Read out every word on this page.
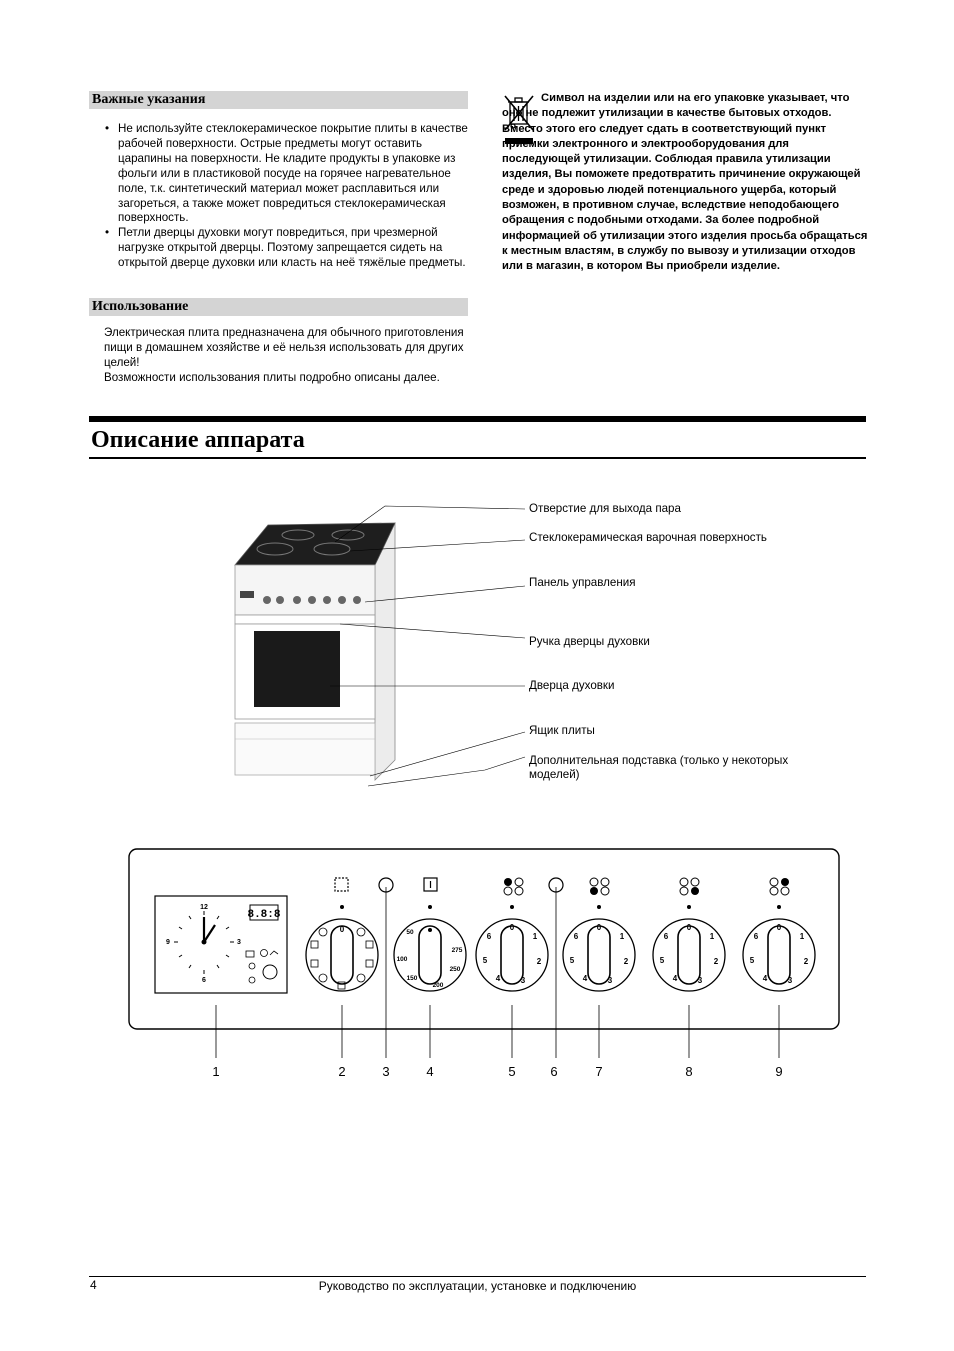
Важные указания
• Не используйте стеклокерамическое покрытие плиты в качестве рабочей поверхности. Острые предметы могут оставить царапины на поверхности. Не кладите продукты в упаковке из фольги или в пластиковой посуде на горячее нагревательное поле, т.к. синтетический материал может расплавиться или загореться, а также может повредиться стеклокерамическая поверхность.
• Петли дверцы духовки могут повредиться, при чрезмерной нагрузке открытой дверцы. Поэтому запрещается сидеть на открытой дверце духовки или класть на неё тяжёлые предметы.
Использование
Электрическая плита предназначена для обычного приготовления пищи в домашнем хозяйстве и её нельзя использовать для других целей!
Возможности использования плиты подробно описаны далее.
Символ на изделии или на его упаковке указывает, что оно не подлежит утилизации в качестве бытовых отходов. Вместо этого его следует сдать в соответствующий пункт приемки электронного и электрооборудования для последующей утилизации. Соблюдая правила утилизации изделия, Вы поможете предотвратить причинение окружающей среде и здоровью людей потенциального ущерба, который возможен, в противном случае, вследствие неподобающего обращения с подобными отходами. За более подробной информацией об утилизации этого изделия просьба обращаться к местным властям, в службу по вывозу и утилизации отходов или в магазин, в котором Вы приобрели изделие.
Описание аппарата
Отверстие для выхода пара
Стеклокерамическая варочная поверхность
Панель управления
Ручка дверцы духовки
Дверца духовки
Ящик плиты
Дополнительная подставка (только у некоторых моделей)
12
3
6
9
8.8:8
0	50
100
150
200
250
275
0
1
2
3
4
5
6
0
1
2
3
4
5
6
0
1
2
3
4
5
6
0
1
2
3
4
5
6
1	2	3	4	5	6	7	8	9
4	Руководство по эксплуатации, установке и подключению
